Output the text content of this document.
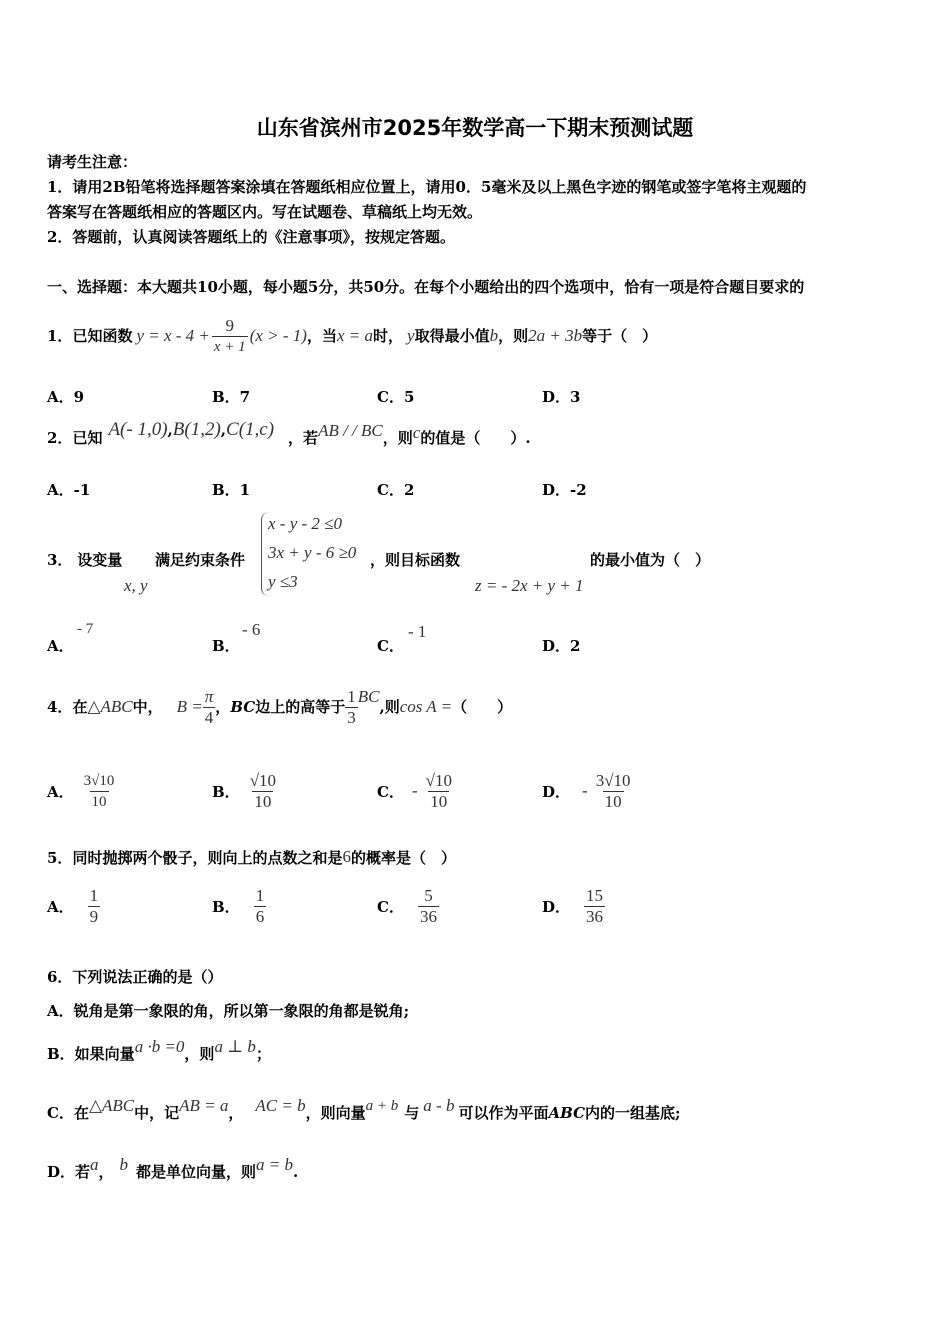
山东省滨州市2025年数学高一下期末预测试题
请考生注意：
1．请用2B铅笔将选择题答案涂填在答题纸相应位置上，请用0．5毫米及以上黑色字迹的钢笔或签字笔将主观题的
答案写在答题纸相应的答题区内。写在试题卷、草稿纸上均无效。
2．答题前，认真阅读答题纸上的《注意事项》，按规定答题。
一、选择题：本大题共10小题，每小题5分，共50分。在每个小题给出的四个选项中，恰有一项是符合题目要求的
1． 已知函数 $y = x - 4 + \frac{9}{x + 1} (x$ > - 1) ，当 x = a 时， y 取得最小值 b ，则 2a + 3b 等于（　）
A．9	B．7	C．5	D．3
2． 已知 A(- 1,0) , B(1,2) , C(1,c) ，若 AB / / BC ，则 c 的值是（　　）.
A．-1	B．1	C．2	D．-2
3． 设变量
x, y
满足约束条件
x - y - 2 ≤0
3x + y - 6 ≥0
y ≤3
，则目标函数
z = - 2x + y + 1
的最小值为（　）
A．
- 7
B．
- 6
C．
- 1
D．2
4． 在 △ABC 中， $B = \frac{\pi}{4}$ ， BC 边上的高等于 $\frac{1}{3}$ BC
,则 cos A = （　　）
A． $\frac{3√10}{10}$	B． $\frac{√10}{10}$	C． - $\frac{√10}{10}$	D． - $\frac{3√10}{10}$
5． 同时抛掷两个骰子，则向上的点数之和是 6 的概率是（　）
A． $\frac{1}{9}$	B． $\frac{1}{6}$	C． $\frac{5}{36}$	D． $\frac{15}{36}$
6．下列说法正确的是（）
A．锐角是第一象限的角，所以第一象限的角都是锐角;
B．如果向量 a ·b =0 ，则 a ⊥ b ；
C．在 △ABC 中，记 AB = a ， AC = b ，则向量 a + b 与 a - b 可以作为平面 ABC 内的一组基底;
D．若 a ， b 都是单位向量，则 a = b .
